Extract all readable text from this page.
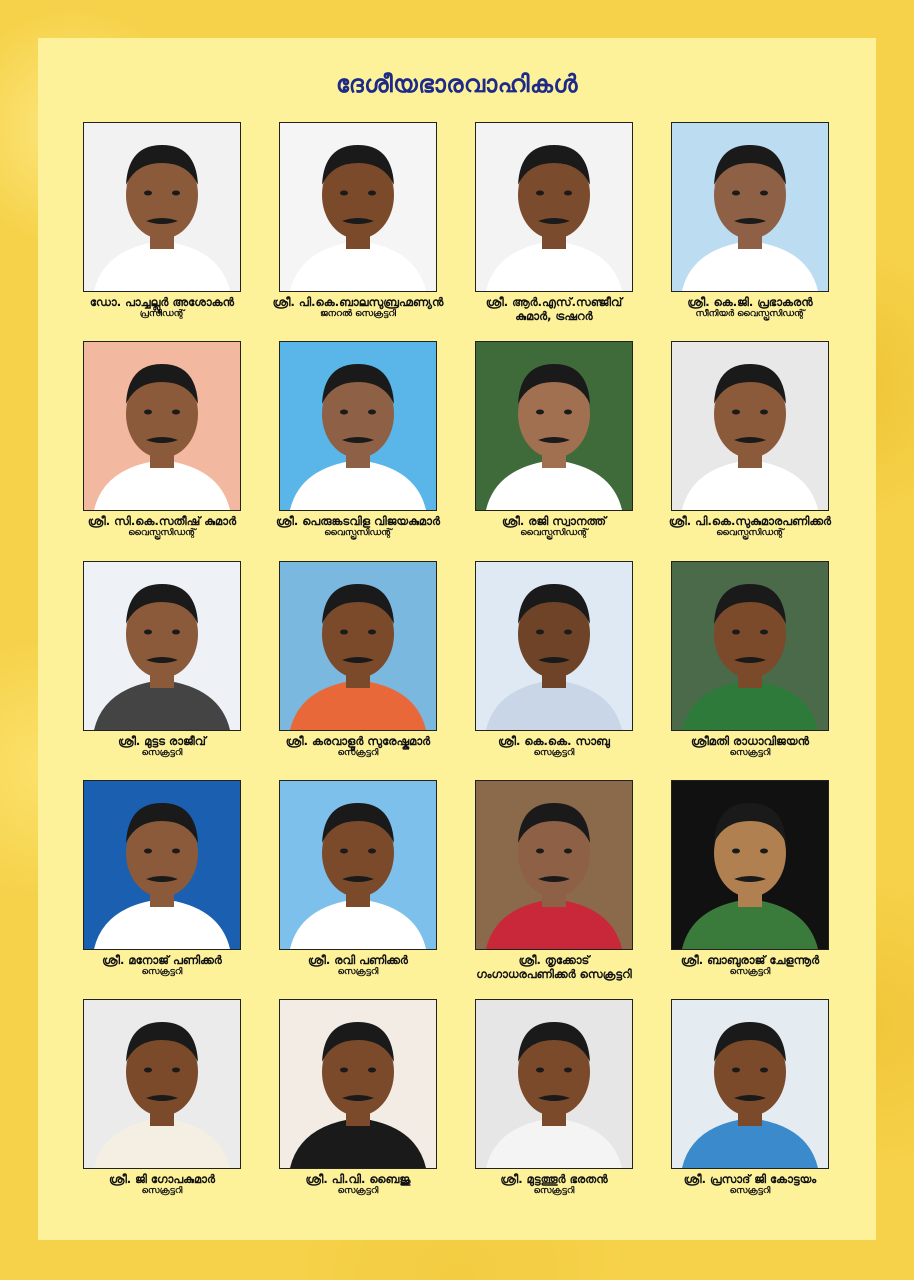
ദേശീയഭാരവാഹികൾ
ഡോ. പാച്ചല്ലൂർ അശോകൻ
പ്രസിഡന്റ്
ശ്രീ. പി.കെ.ബാലസുബ്രഹ്മണ്യൻ
ജനറൽ സെക്രട്ടറി
ശ്രീ. ആർ.എസ്.സഞ്ജീവ്
കുമാർ, ട്രഷറർ
ശ്രീ. കെ.ജി. പ്രഭാകരൻ
സീനിയർ വൈസ്പ്രസിഡന്റ്
ശ്രീ. സി.കെ.സതീഷ് കുമാർ
വൈസ്പ്രസിഡന്റ്
ശ്രീ. പെരുങ്കടവിള വിജയകുമാർ
വൈസ്പ്രസിഡന്റ്
ശ്രീ. രജി സ്വാനത്ത്
വൈസ്പ്രസിഡന്റ്
ശ്രീ. പി.കെ.സുകുമാരപണിക്കർ
വൈസ്പ്രസിഡന്റ്
ശ്രീ. മുട്ടട രാജീവ്
സെക്രട്ടറി
ശ്രീ. കരവാളൂർ സുരേഷ്കുമാർ
സെക്രട്ടറി
ശ്രീ. കെ.കെ. സാബു
സെക്രട്ടറി
ശ്രീമതി രാധാവിജയൻ
സെക്രട്ടറി
ശ്രീ. മനോജ് പണിക്കർ
സെക്രട്ടറി
ശ്രീ. രവി പണിക്കർ
സെക്രട്ടറി
ശ്രീ. തൃക്കോട്
ഗംഗാധരപണിക്കർ സെക്രട്ടറി
ശ്രീ. ബാബുരാജ് ചേളന്നൂർ
സെക്രട്ടറി
ശ്രീ. ജി ഗോപകുമാർ
സെക്രട്ടറി
ശ്രീ. പി.വി. ബൈജു
സെക്രട്ടറി
ശ്രീ. മുട്ടത്തൂർ ഭരതൻ
സെക്രട്ടറി
ശ്രീ. പ്രസാദ് ജി കോട്ടയം
സെക്രട്ടറി
